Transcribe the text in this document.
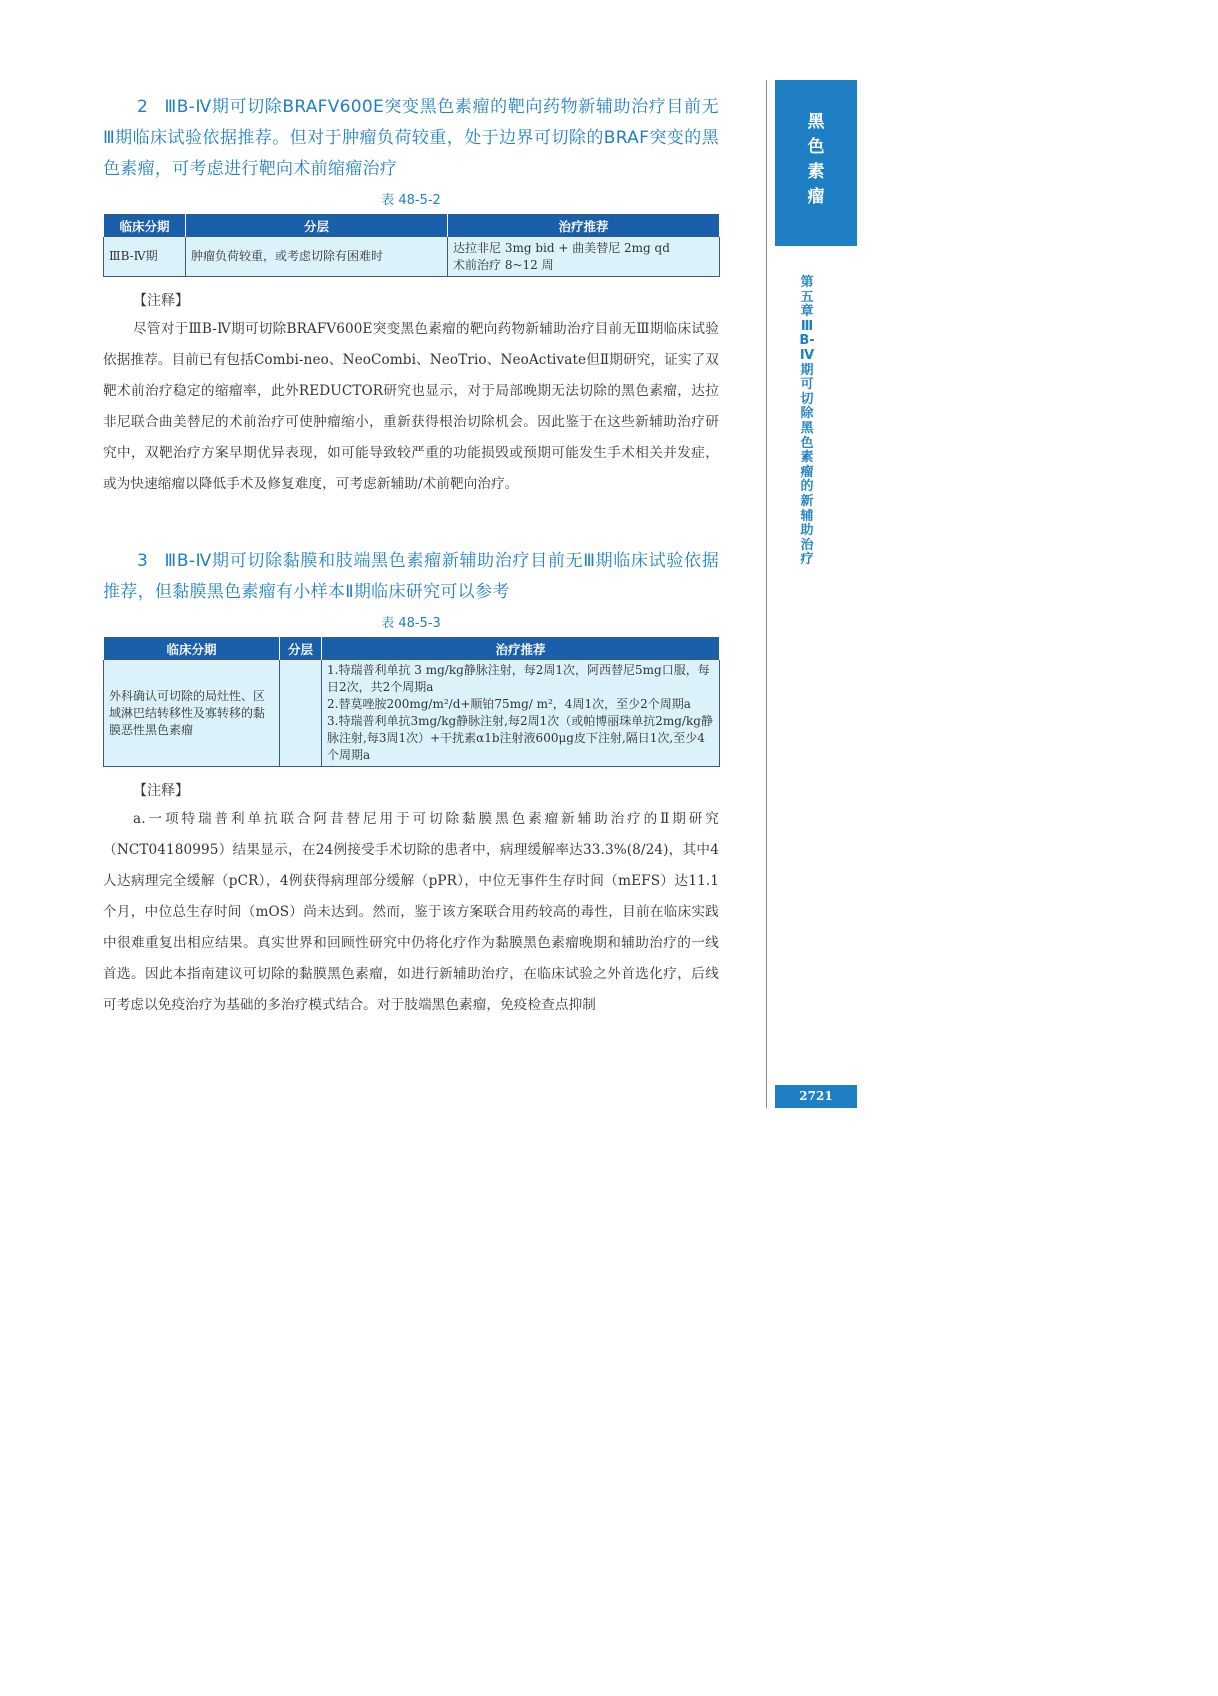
2 ⅢB-Ⅳ期可切除BRAFV600E突变黑色素瘤的靶向药物新辅助治疗目前无Ⅲ期临床试验依据推荐。但对于肿瘤负荷较重，处于边界可切除的BRAF突变的黑色素瘤，可考虑进行靶向术前缩瘤治疗

表 48-5-2
临床分期	分层	治疗推荐
ⅢB-Ⅳ期	肿瘤负荷较重，或考虑切除有困难时	达拉非尼 3mg bid + 曲美替尼 2mg qd
术前治疗 8~12 周
【注释】

尽管对于ⅢB-Ⅳ期可切除BRAFV600E突变黑色素瘤的靶向药物新辅助治疗目前无Ⅲ期临床试验依据推荐。目前已有包括Combi-neo、NeoCombi、NeoTrio、NeoActivate但Ⅱ期研究，证实了双靶术前治疗稳定的缩瘤率，此外REDUCTOR研究也显示，对于局部晚期无法切除的黑色素瘤，达拉非尼联合曲美替尼的术前治疗可使肿瘤缩小，重新获得根治切除机会。因此鉴于在这些新辅助治疗研究中，双靶治疗方案早期优异表现，如可能导致较严重的功能损毁或预期可能发生手术相关并发症，或为快速缩瘤以降低手术及修复难度，可考虑新辅助/术前靶向治疗。

3 ⅢB-Ⅳ期可切除黏膜和肢端黑色素瘤新辅助治疗目前无Ⅲ期临床试验依据推荐，但黏膜黑色素瘤有小样本Ⅱ期临床研究可以参考

表 48-5-3
临床分期	分层	治疗推荐
外科确认可切除的局灶性、区域淋巴结转移性及寡转移的黏膜恶性黑色素瘤		1.特瑞普利单抗 3 mg/kg静脉注射，每2周1次，阿西替尼5mg口服，每日2次，共2个周期a
2.替莫唑胺200mg/m²/d+顺铂75mg/ m²，4周1次，至少2个周期a
3.特瑞普利单抗3mg/kg静脉注射,每2周1次（或帕博丽珠单抗2mg/kg静脉注射,每3周1次）+干扰素α1b注射液600μg皮下注射,隔日1次,至少4个周期a
【注释】

a.一项特瑞普利单抗联合阿昔替尼用于可切除黏膜黑色素瘤新辅助治疗的Ⅱ期研究（NCT04180995）结果显示，在24例接受手术切除的患者中，病理缓解率达33.3%(8/24)，其中4人达病理完全缓解（pCR），4例获得病理部分缓解（pPR），中位无事件生存时间（mEFS）达11.1个月，中位总生存时间（mOS）尚未达到。然而，鉴于该方案联合用药较高的毒性，目前在临床实践中很难重复出相应结果。真实世界和回顾性研究中仍将化疗作为黏膜黑色素瘤晚期和辅助治疗的一线首选。因此本指南建议可切除的黏膜黑色素瘤，如进行新辅助治疗，在临床试验之外首选化疗，后线可考虑以免疫治疗为基础的多治疗模式结合。对于肢端黑色素瘤，免疫检查点抑制

黑色素瘤
第五章 ⅢB-Ⅳ期可切除黑色素瘤的新辅助治疗
2721
